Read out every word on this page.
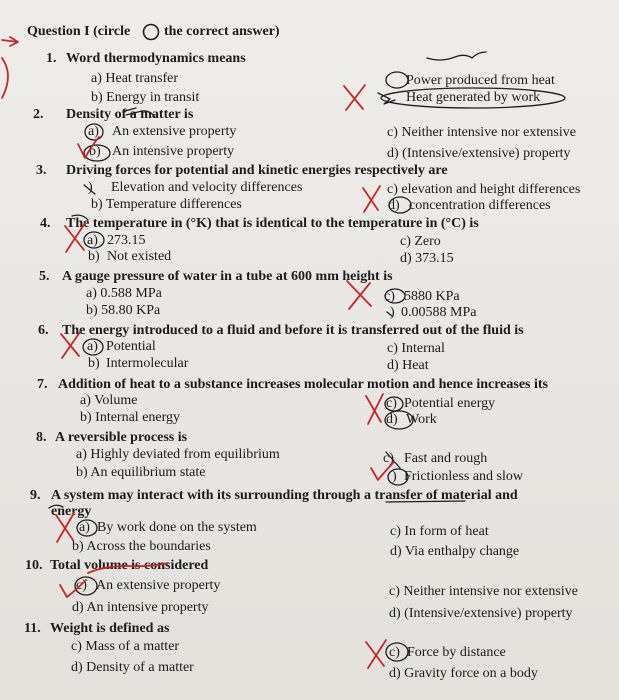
Question I (circle the correct answer)
1. Word thermodynamics means
a) Heat transfer
b) Energy in transit
Power produced from heat
Heat generated by work
2. Density of a matter is
a) An extensive property
b) An intensive property
c) Neither intensive nor extensive
d) (Intensive/extensive) property
3. Driving forces for potential and kinetic energies respectively are
) Elevation and velocity differences
b) Temperature differences
c) elevation and height differences
d) concentration differences
4. The temperature in (°K) that is identical to the temperature in (°C) is
a) 273.15
b) Not existed
c) Zero
d) 373.15
5. A gauge pressure of water in a tube at 600 mm height is
a) 0.588 MPa
b) 58.80 KPa
c) 5880 KPa
) 0.00588 MPa
6. The energy introduced to a fluid and before it is transferred out of the fluid is
a) Potential
b) Intermolecular
c) Internal
d) Heat
7. Addition of heat to a substance increases molecular motion and hence increases its
a) Volume
b) Internal energy
c) Potential energy
d) Work
8. A reversible process is
a) Highly deviated from equilibrium
b) An equilibrium state
c) Fast and rough
) Frictionless and slow
9. A system may interact with its surrounding through a transfer of material and
energy
a) By work done on the system
b) Across the boundaries
c) In form of heat
d) Via enthalpy change
10. Total volume is considered
c) An extensive property
d) An intensive property
c) Neither intensive nor extensive
d) (Intensive/extensive) property
11. Weight is defined as
c) Mass of a matter
d) Density of a matter
c) Force by distance
d) Gravity force on a body
